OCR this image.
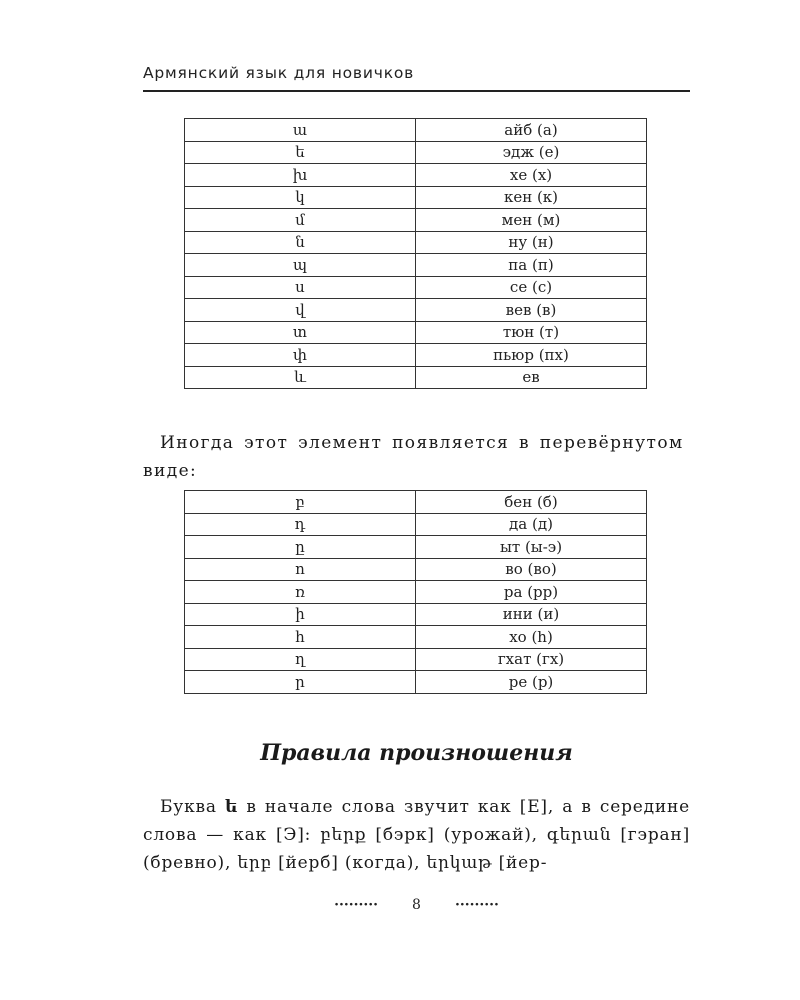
Армянский язык для новичков
ա	айб (а)
ե	эдж (е)
խ	хе (х)
կ	кен (к)
մ	мен (м)
ն	ну (н)
պ	па (п)
ս	се (с)
վ	вев (в)
տ	тюн (т)
փ	пьюр (пх)
և	ев
Иногда этот элемент появляется в перевёрнутом виде:
բ	бен (б)
դ	да (д)
ը	ыт (ы-э)
ո	во (во)
ռ	ра (рр)
ի	ини (и)
հ	хо (h)
ղ	гхат (гх)
ր	ре (р)
Правила произношения
Буква ե в начале слова звучит как [Е], а в середине слова — как [Э]: բերք [бэрк] (урожай), գերան [гэран] (бревно), երբ [йерб] (когда), երկաթ [йер-
········· 8 ·········
